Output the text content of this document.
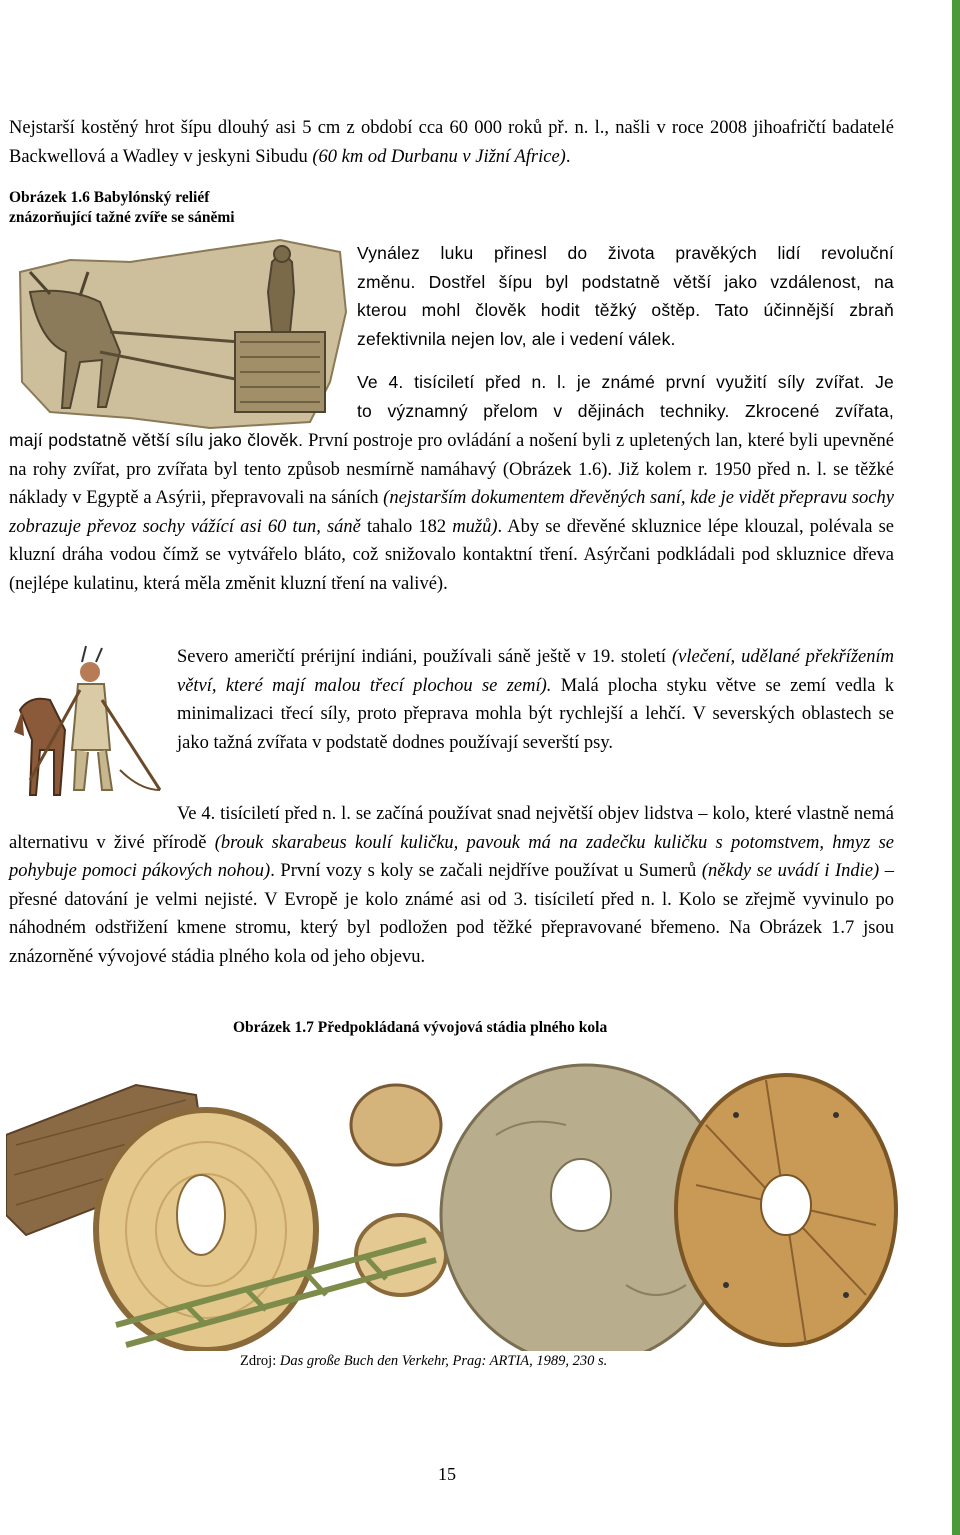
Nejstarší kostěný hrot šípu dlouhý asi 5 cm z období cca 60 000 roků př. n. l., našli v roce 2008 jihoafričtí badatelé Backwellová a Wadley v jeskyni Sibudu (60 km od Durbanu v Jižní Africe).

Obrázek 1.6 Babylónský reliéf
znázorňující tažné zvíře se sáněmi
Vynález luku přinesl do života pravěkých lidí revoluční
změnu. Dostřel šípu byl podstatně větší jako vzdálenost, na
kterou mohl člověk hodit těžký oštěp. Tato účinnější zbraň
zefektivnila nejen lov, ale i vedení válek.
Ve 4. tisíciletí před n. l. je známé první využití síly zvířat. Je
to významný přelom v dějinách techniky. Zkrocené zvířata,

mají podstatně větší sílu jako člověk. První postroje pro ovládání a nošení byli z upletených lan, které byli upevněné na rohy zvířat, pro zvířata byl tento způsob nesmírně namáhavý (Obrázek 1.6). Již kolem r. 1950 před n. l. se těžké náklady v Egyptě a Asýrii, přepravovali na sáních (nejstarším dokumentem dřevěných saní, kde je vidět přepravu sochy zobrazuje převoz sochy vážící asi 60 tun, sáně tahalo 182 mužů). Aby se dřevěné skluznice lépe klouzal, polévala se kluzní dráha vodou čímž se vytvářelo bláto, což snižovalo kontaktní tření. Asýrčani podkládali pod skluznice dřeva (nejlépe kulatinu, která měla změnit kluzní tření na valivé).

Severo američtí prérijní indiáni, používali sáně ještě v 19. století (vlečení, udělané překřížením větví, které mají malou třecí plochou se zemí). Malá plocha styku větve se zemí vedla k minimalizaci třecí síly, proto přeprava mohla být rychlejší a lehčí. V severských oblastech se jako tažná zvířata v podstatě dodnes používají severští psy.

Ve 4. tisíciletí před n. l. se začíná používat snad největší objev lidstva – kolo, které vlastně nemá alternativu v živé přírodě (brouk skarabeus koulí kuličku, pavouk má na zadečku kuličku s potomstvem, hmyz se pohybuje pomoci pákových nohou). První vozy s koly se začali nejdříve používat u Sumerů (někdy se uvádí i Indie) – přesné datování je velmi nejisté. V Evropě je kolo známé asi od 3. tisíciletí před n. l. Kolo se zřejmě vyvinulo po náhodném odstřižení kmene stromu, který byl podložen pod těžké přepravované břemeno. Na Obrázek 1.7 jsou znázorněné vývojové stádia plného kola od jeho objevu.

Obrázek 1.7 Předpokládaná vývojová stádia plného kola
Zdroj: Das große Buch den Verkehr, Prag: ARTIA, 1989, 230 s.
15
